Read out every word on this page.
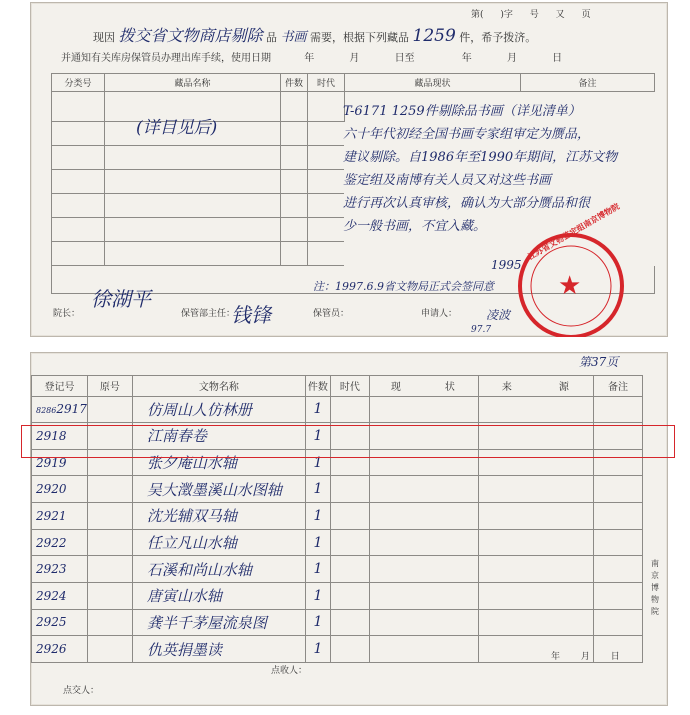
第( )字 号 又 页
现因 拨交省文物商店剔除 品 书画 需要，根据下列藏品 1259 件，希予拨济。
并通知有关库房保管员办理出库手续，使用日期	年	月	日至	年	月	日
分类号	藏品名称	件数	时代	藏品现状	备注

(详目见后)
T-6171 1259件剔除品书画（详见清单）
六十年代初经全国书画专家组审定为赝品，
建议剔除。自1986年至1990年期间，江苏文物
鉴定组及南博有关人员又对这些书画
进行再次认真审核，确认为大部分赝品和很
少一般书画，不宜入藏。
1995
注：1997.6.9省文物局正式会签同意
院长：
徐湖平
保管部主任：
钱锋	保管员：	申请人： 凌波
97.7
★
江苏省文物鉴定组南京博物院
第37页
登记号	原号	文物名称	件数	时代	现	状	来	源	备注
82862917		仿周山人仿林册	1						
2918		江南春卷	1						
2919		张夕庵山水轴	1						
2920		吴大澂墨溪山水图轴	1						
2921		沈光辅双马轴	1						
2922		任立凡山水轴	1						
2923		石溪和尚山水轴	1						
2924		唐寅山水轴	1						
2925		龚半千茅屋流泉图	1						
2926		仇英捐墨读	1						
南京博物院
点交人：
点收人：
年 月 日
